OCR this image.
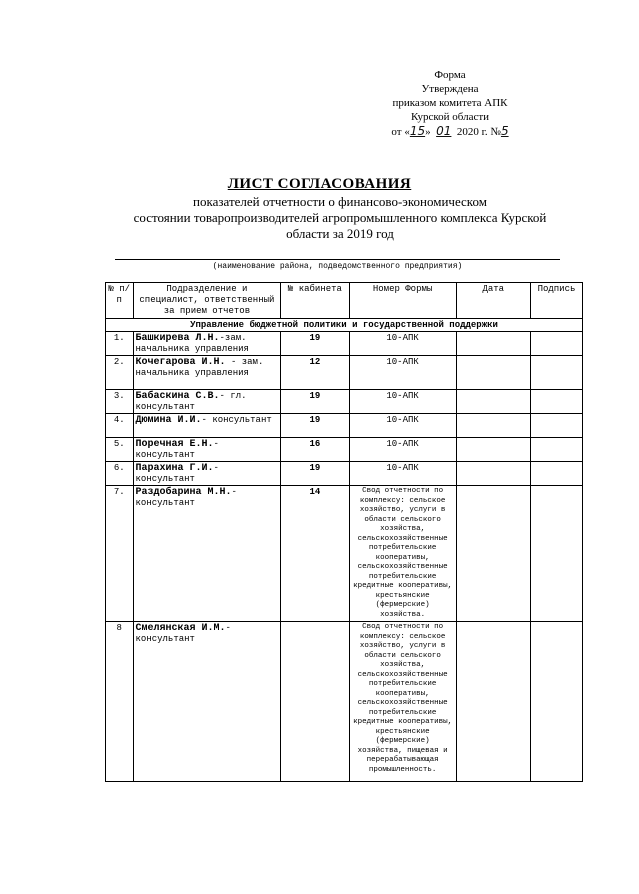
Форма
Утверждена
приказом комитета АПК
Курской области
от «15» 01 2020 г. №5
ЛИСТ СОГЛАСОВАНИЯ
показателей отчетности о финансово-экономическом
состоянии товаропроизводителей агропромышленного комплекса Курской
области за 2019 год
(наименование района, подведомственного предприятия)
№ п/ п	Подразделение и специалист, ответственный за прием отчетов	№ кабинета	Номер Формы	Дата	Подпись
Управление бюджетной политики и государственной поддержки					
1.	Башкирева Л.Н.-зам. начальника управления	19	10-АПК		
2.	Кочегарова И.Н. - зам. начальника управления	12	10-АПК		
3.	Бабаскина С.В.- гл. консультант	19	10-АПК		
4.	Дюмина И.И.- консультант	19	10-АПК		
5.	Поречная Е.Н.- консультант	16	10-АПК		
6.	Парахина Г.И.- консультант	19	10-АПК		
7.	Раздобарина М.Н.- консультант	14	Свод отчетности по комплексу: сельское хозяйство, услуги в области сельского хозяйства, сельскохозяйственные потребительские кооперативы, сельскохозяйственные потребительские кредитные кооперативы, крестьянские (фермерские) хозяйства.		
8	Смелянская И.М.- консультант		Свод отчетности по комплексу: сельское хозяйство, услуги в области сельского хозяйства, сельскохозяйственные потребительские кооперативы, сельскохозяйственные потребительские кредитные кооперативы, крестьянские (фермерские) хозяйства, пищевая и перерабатывающая промышленность.		
